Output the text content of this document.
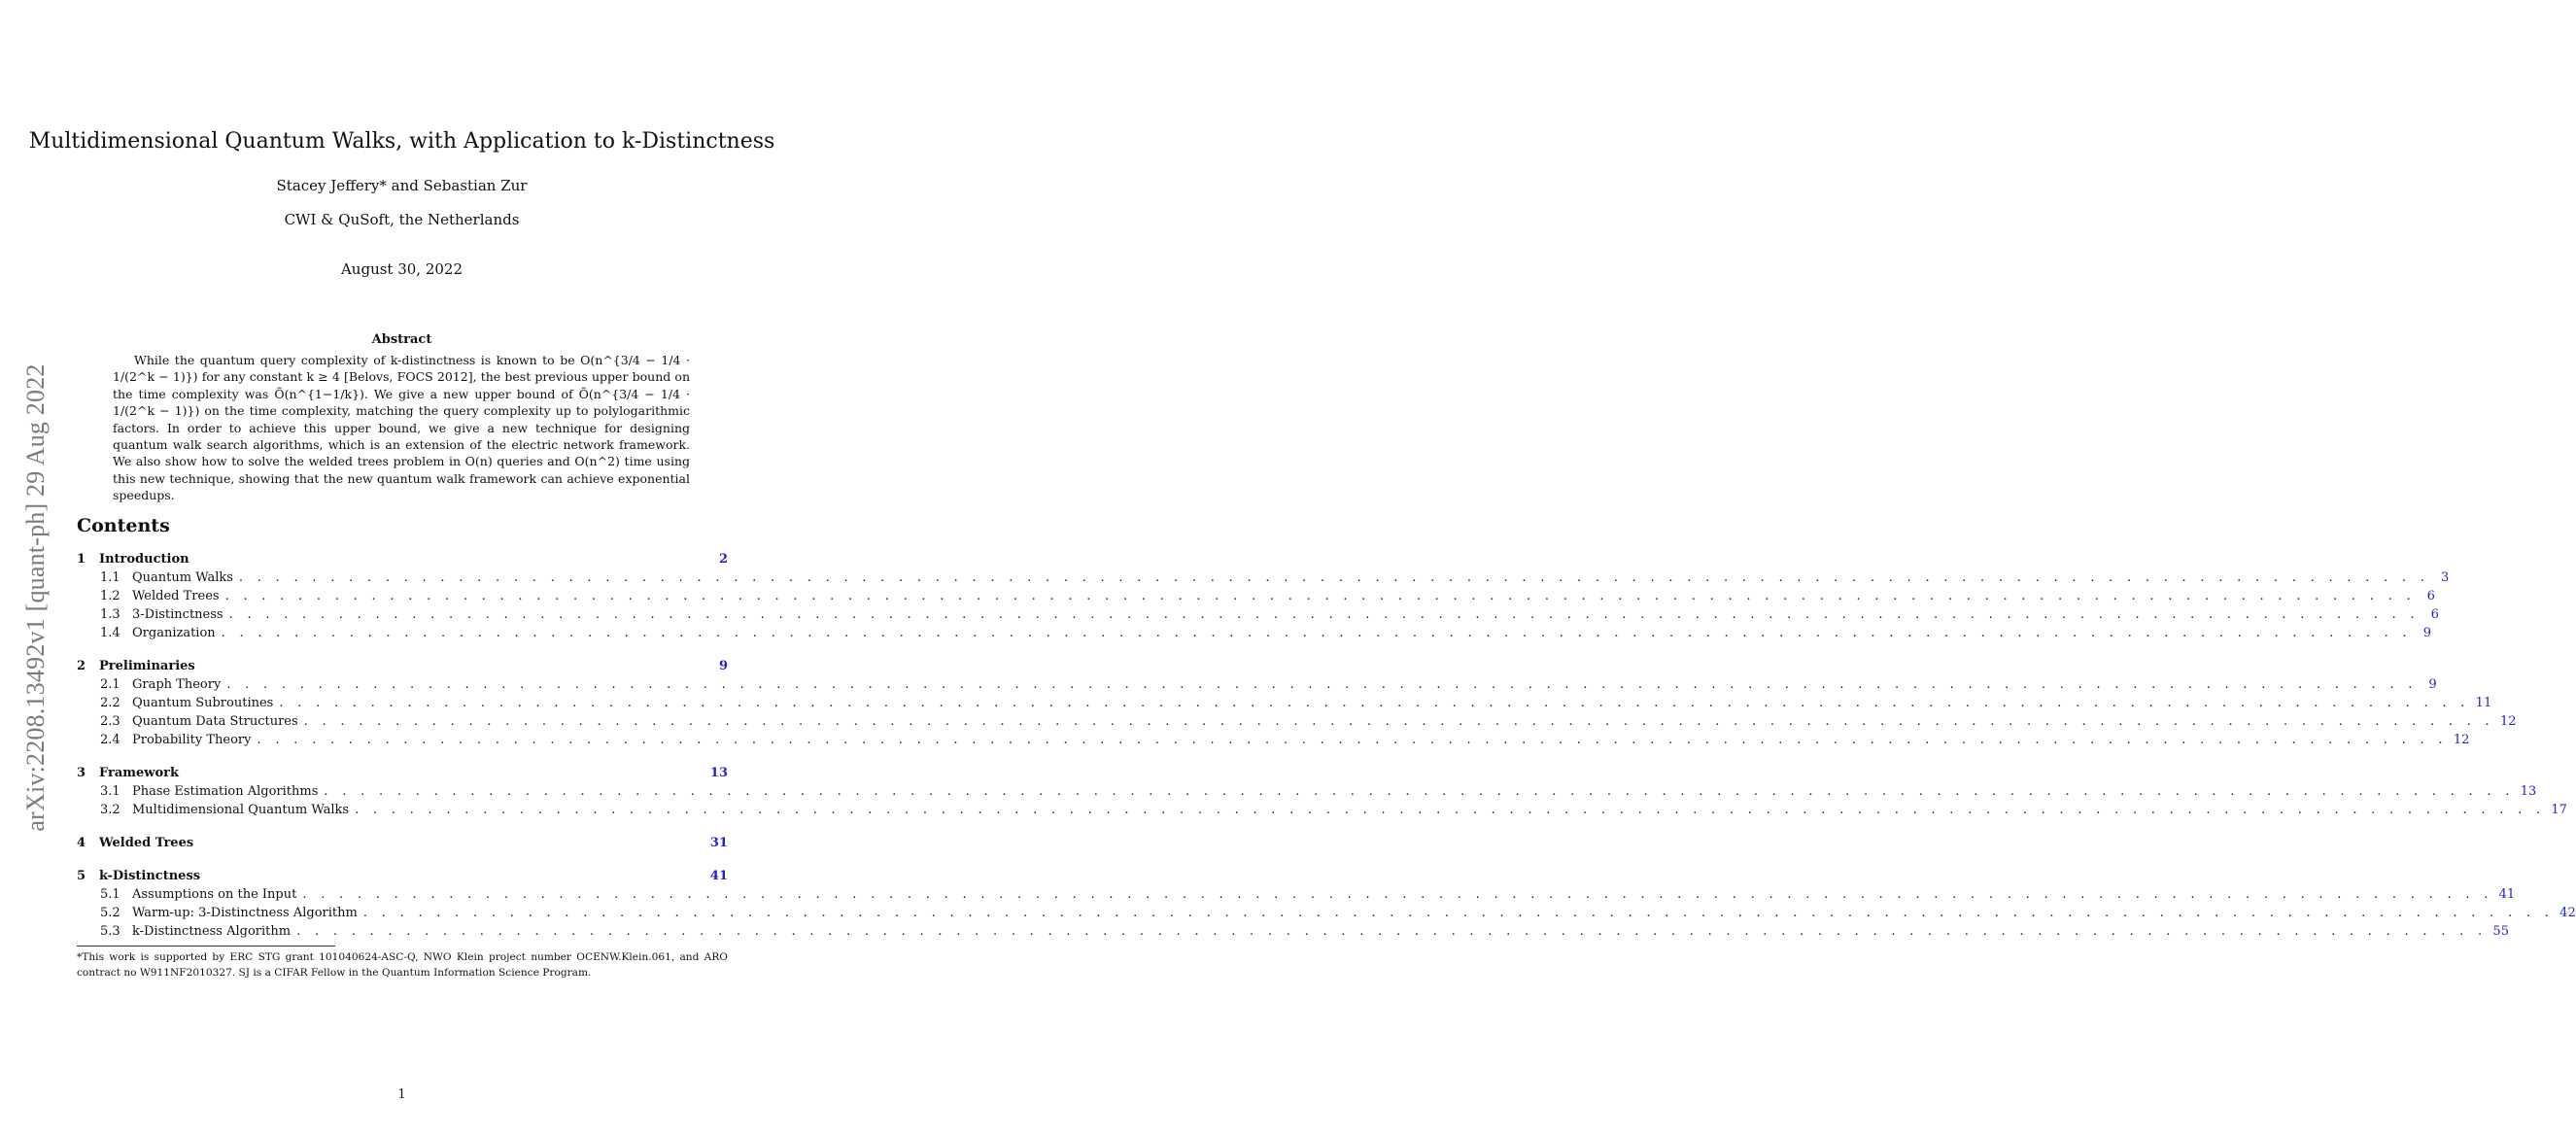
arXiv:2208.13492v1 [quant-ph] 29 Aug 2022
Multidimensional Quantum Walks, with Application to k-Distinctness
Stacey Jeffery* and Sebastian Zur
CWI & QuSoft, the Netherlands
August 30, 2022
Abstract

While the quantum query complexity of k-distinctness is known to be O(n^{3/4 − 1/4 · 1/(2^k − 1)}) for any constant k ≥ 4 [Belovs, FOCS 2012], the best previous upper bound on the time complexity was Õ(n^{1−1/k}). We give a new upper bound of Õ(n^{3/4 − 1/4 · 1/(2^k − 1)}) on the time complexity, matching the query complexity up to polylogarithmic factors. In order to achieve this upper bound, we give a new technique for designing quantum walk search algorithms, which is an extension of the electric network framework. We also show how to solve the welded trees problem in O(n) queries and O(n^2) time using this new technique, showing that the new quantum walk framework can achieve exponential speedups.

Contents
1	Introduction	2
1.1 Quantum Walks . . . . . . . . . . . . . . . . . . . . . . . . . . . . . . . . . . . . . . . . . . . . . . . . . . . . . . . . . . . . . . . . . . . . . . . . . . . . . . . . . . . . . . . . . . . . . . . . . . . . . . . . . . . . . . . . . . . . . . . . 3
1.2 Welded Trees . . . . . . . . . . . . . . . . . . . . . . . . . . . . . . . . . . . . . . . . . . . . . . . . . . . . . . . . . . . . . . . . . . . . . . . . . . . . . . . . . . . . . . . . . . . . . . . . . . . . . . . . . . . . . . . . . . . . . . . . 6
1.3 3-Distinctness . . . . . . . . . . . . . . . . . . . . . . . . . . . . . . . . . . . . . . . . . . . . . . . . . . . . . . . . . . . . . . . . . . . . . . . . . . . . . . . . . . . . . . . . . . . . . . . . . . . . . . . . . . . . . . . . . . . . . . . . 6
1.4 Organization . . . . . . . . . . . . . . . . . . . . . . . . . . . . . . . . . . . . . . . . . . . . . . . . . . . . . . . . . . . . . . . . . . . . . . . . . . . . . . . . . . . . . . . . . . . . . . . . . . . . . . . . . . . . . . . . . . . . . . . . 9
2	Preliminaries	9
2.1 Graph Theory . . . . . . . . . . . . . . . . . . . . . . . . . . . . . . . . . . . . . . . . . . . . . . . . . . . . . . . . . . . . . . . . . . . . . . . . . . . . . . . . . . . . . . . . . . . . . . . . . . . . . . . . . . . . . . . . . . . . . . . . 9
2.2 Quantum Subroutines . . . . . . . . . . . . . . . . . . . . . . . . . . . . . . . . . . . . . . . . . . . . . . . . . . . . . . . . . . . . . . . . . . . . . . . . . . . . . . . . . . . . . . . . . . . . . . . . . . . . . . . . . . . . . . . . . . . . . . . . 11
2.3 Quantum Data Structures . . . . . . . . . . . . . . . . . . . . . . . . . . . . . . . . . . . . . . . . . . . . . . . . . . . . . . . . . . . . . . . . . . . . . . . . . . . . . . . . . . . . . . . . . . . . . . . . . . . . . . . . . . . . . . . . . . . . . . . . 12
2.4 Probability Theory . . . . . . . . . . . . . . . . . . . . . . . . . . . . . . . . . . . . . . . . . . . . . . . . . . . . . . . . . . . . . . . . . . . . . . . . . . . . . . . . . . . . . . . . . . . . . . . . . . . . . . . . . . . . . . . . . . . . . . . . 12
3	Framework	13
3.1 Phase Estimation Algorithms . . . . . . . . . . . . . . . . . . . . . . . . . . . . . . . . . . . . . . . . . . . . . . . . . . . . . . . . . . . . . . . . . . . . . . . . . . . . . . . . . . . . . . . . . . . . . . . . . . . . . . . . . . . . . . . . . . . . . . . . 13
3.2 Multidimensional Quantum Walks . . . . . . . . . . . . . . . . . . . . . . . . . . . . . . . . . . . . . . . . . . . . . . . . . . . . . . . . . . . . . . . . . . . . . . . . . . . . . . . . . . . . . . . . . . . . . . . . . . . . . . . . . . . . . . . . . . . . . . . . 17
4	Welded Trees	31
5	k-Distinctness	41
5.1 Assumptions on the Input . . . . . . . . . . . . . . . . . . . . . . . . . . . . . . . . . . . . . . . . . . . . . . . . . . . . . . . . . . . . . . . . . . . . . . . . . . . . . . . . . . . . . . . . . . . . . . . . . . . . . . . . . . . . . . . . . . . . . . . . 41
5.2 Warm-up: 3-Distinctness Algorithm . . . . . . . . . . . . . . . . . . . . . . . . . . . . . . . . . . . . . . . . . . . . . . . . . . . . . . . . . . . . . . . . . . . . . . . . . . . . . . . . . . . . . . . . . . . . . . . . . . . . . . . . . . . . . . . . . . . . . . . . 42
5.3 k-Distinctness Algorithm . . . . . . . . . . . . . . . . . . . . . . . . . . . . . . . . . . . . . . . . . . . . . . . . . . . . . . . . . . . . . . . . . . . . . . . . . . . . . . . . . . . . . . . . . . . . . . . . . . . . . . . . . . . . . . . . . . . . . . . . 55
*This work is supported by ERC STG grant 101040624-ASC-Q, NWO Klein project number OCENW.Klein.061, and ARO contract no W911NF2010327. SJ is a CIFAR Fellow in the Quantum Information Science Program.
1
